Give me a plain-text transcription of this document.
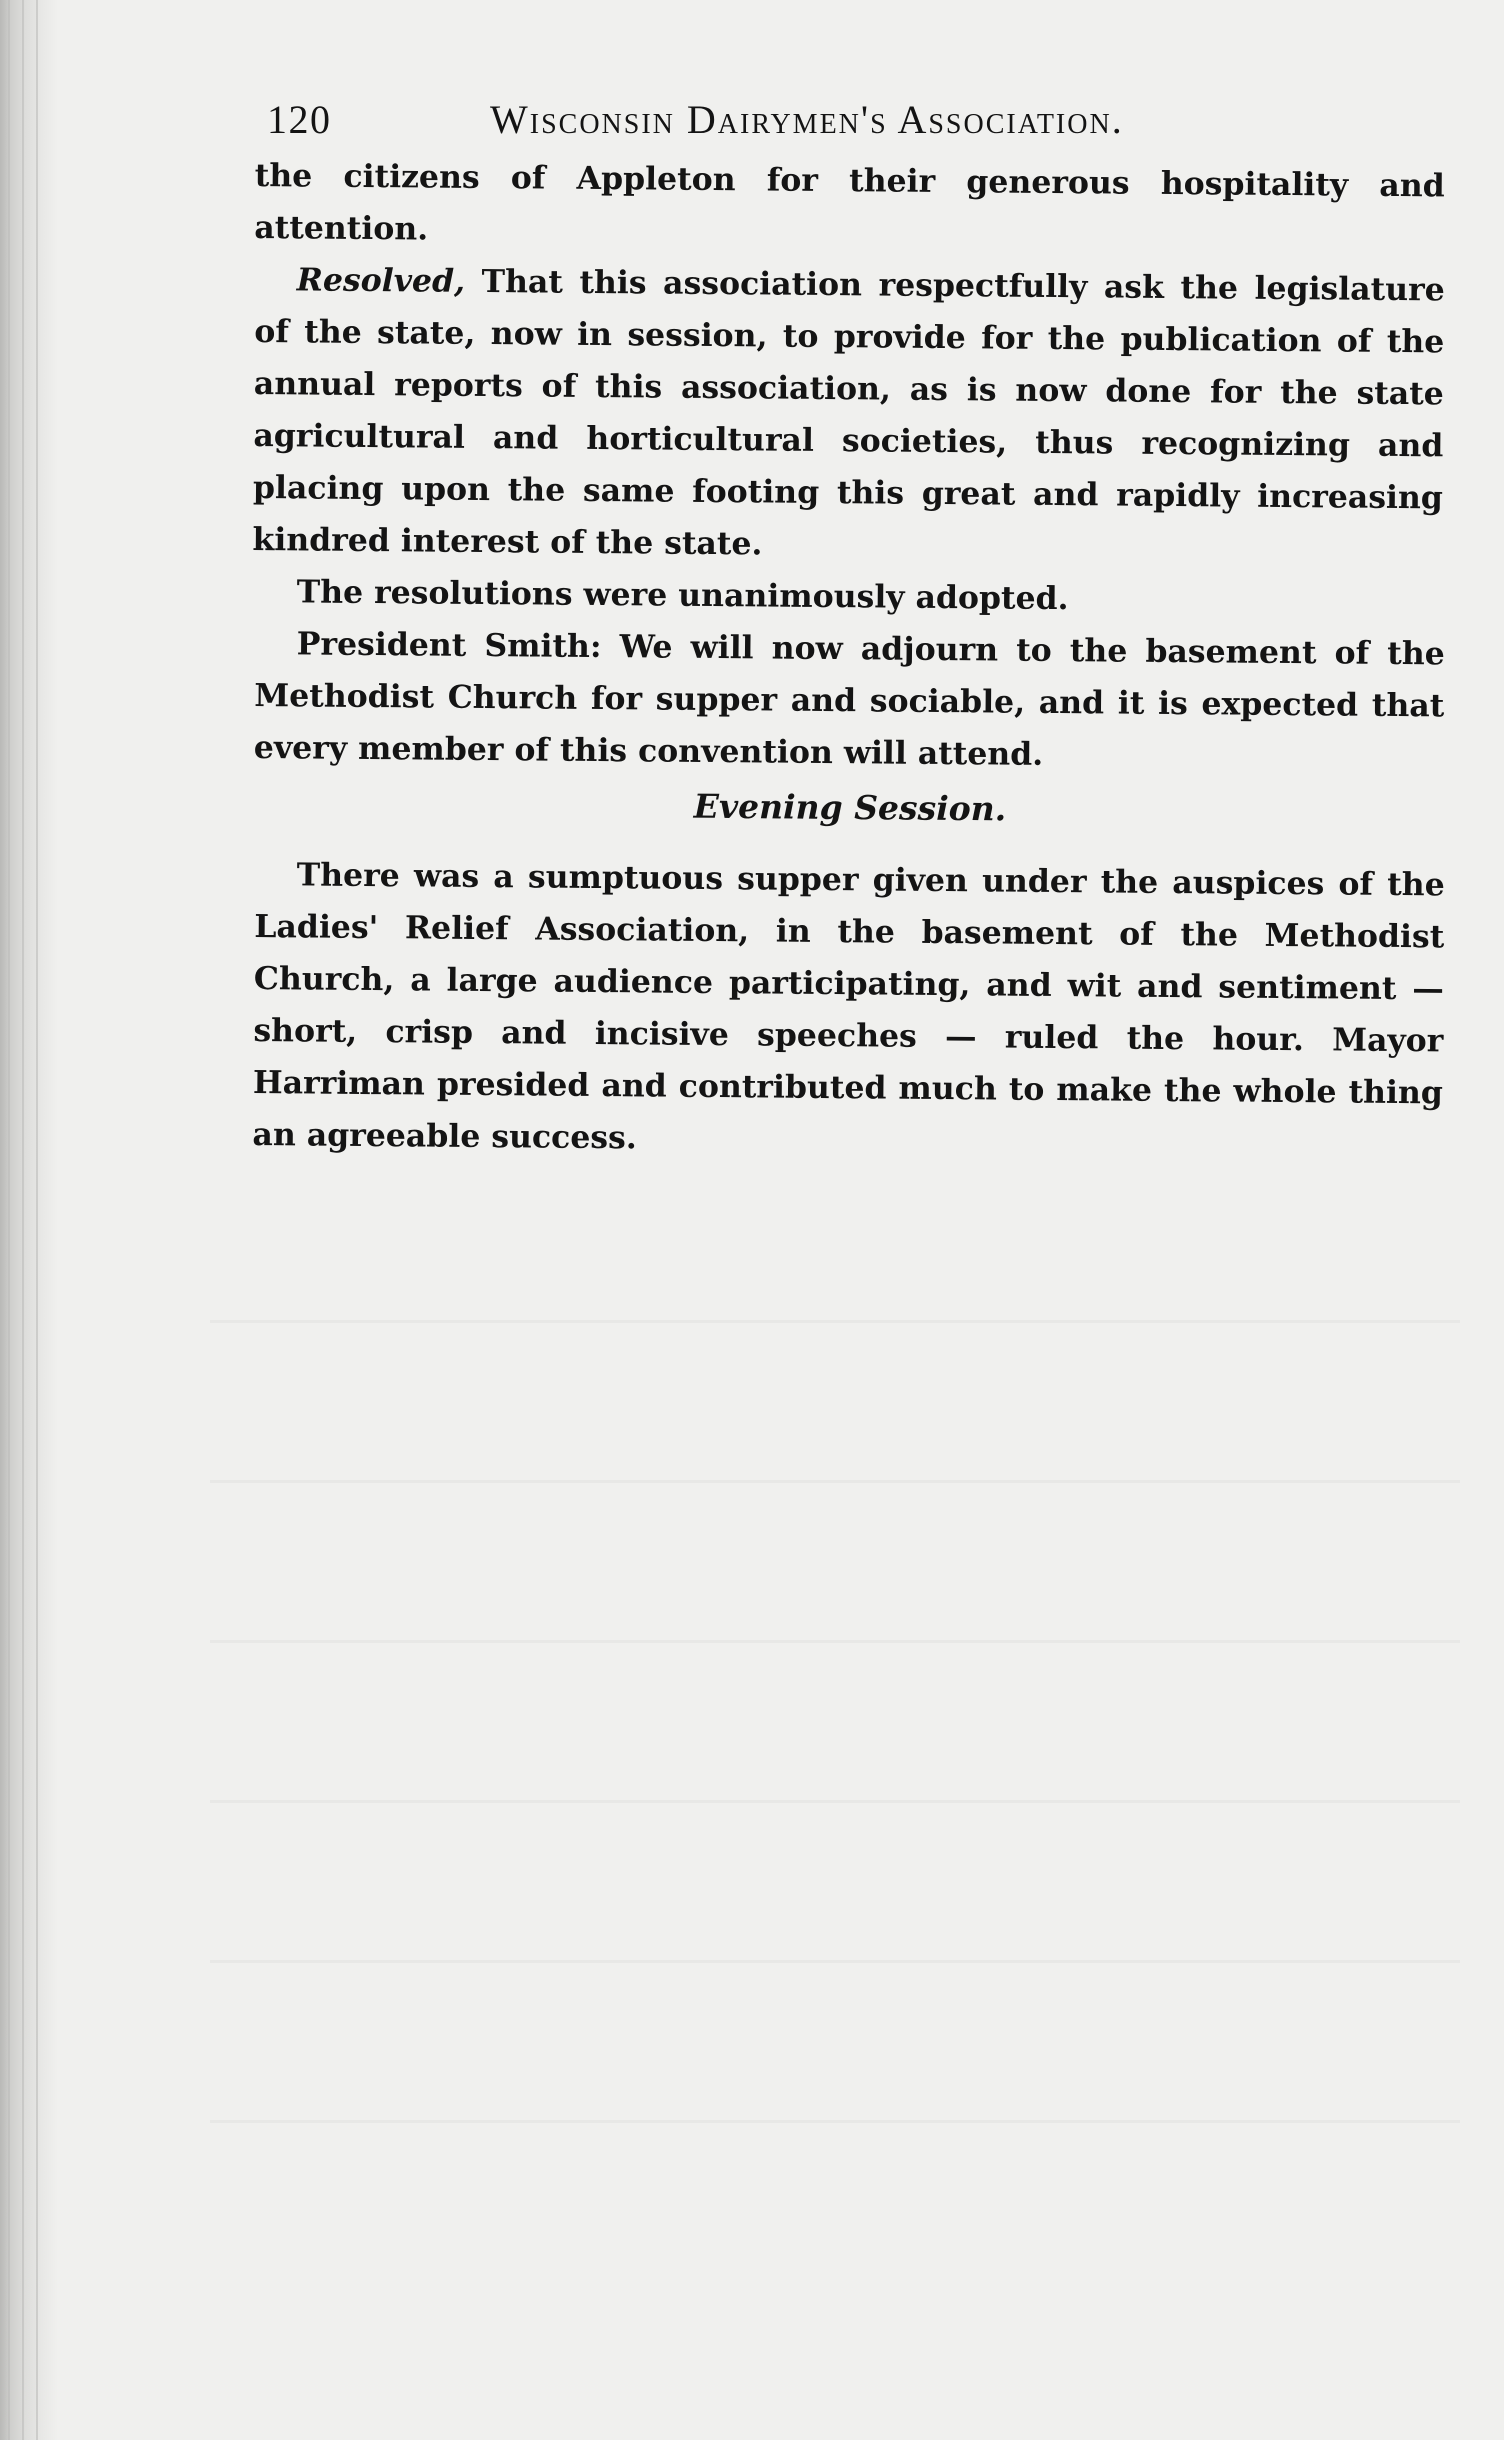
120	Wisconsin Dairymen's Association.

the citizens of Appleton for their generous hospitality and attention.

Resolved, That this association respectfully ask the legislature of the state, now in session, to provide for the publication of the annual reports of this association, as is now done for the state agricultural and horticultural societies, thus recognizing and placing upon the same footing this great and rapidly increasing kindred interest of the state.

The resolutions were unanimously adopted.

President Smith: We will now adjourn to the basement of the Methodist Church for supper and sociable, and it is expected that every member of this convention will attend.

Evening Session.

There was a sumptuous supper given under the auspices of the Ladies' Relief Association, in the basement of the Methodist Church, a large audience participating, and wit and sentiment — short, crisp and incisive speeches — ruled the hour. Mayor Harriman presided and contributed much to make the whole thing an agreeable success.
